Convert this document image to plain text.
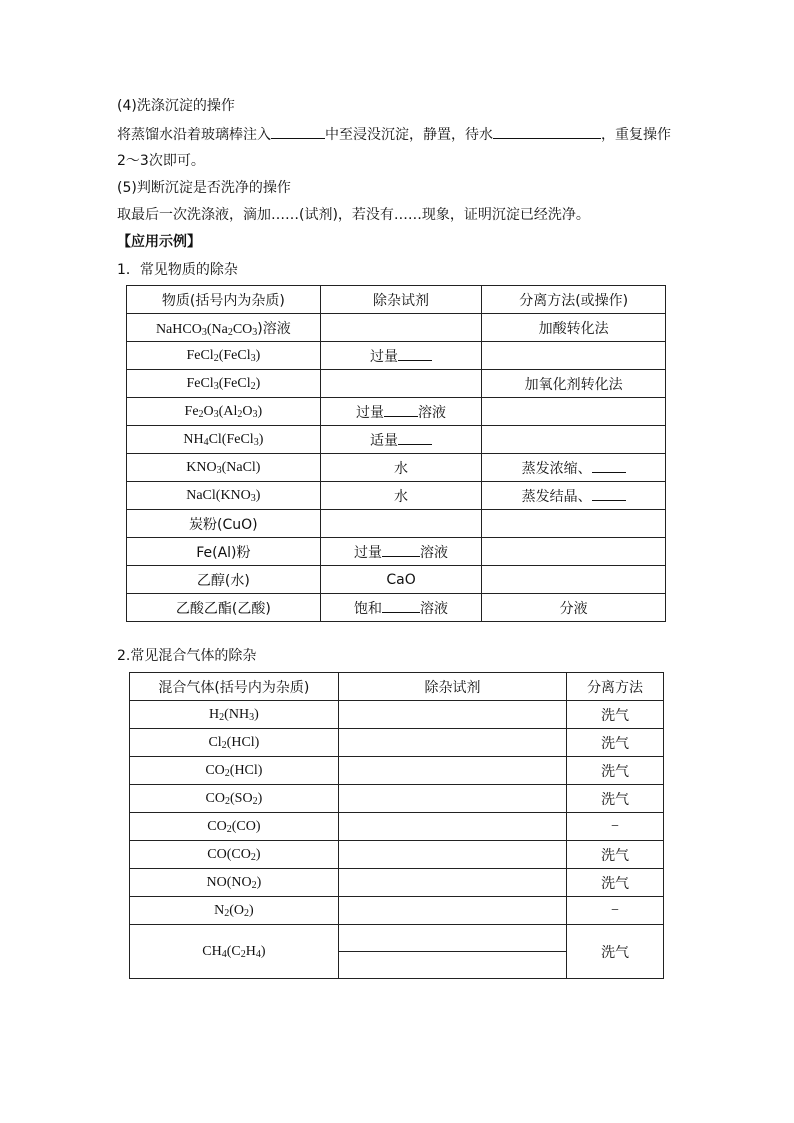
(4)洗涤沉淀的操作
将蒸馏水沿着玻璃棒注入	中至浸没沉淀，静置，待水	，重复操作
2～3次即可。
(5)判断沉淀是否洗净的操作
取最后一次洗涤液，滴加……(试剂)，若没有……现象，证明沉淀已经洗净。
【应用示例】
1．常见物质的除杂
物质(括号内为杂质)	除杂试剂	分离方法(或操作)
$NaHCO_3(Na_2CO_3)$溶液		加酸转化法
FeCl$_2$(FeCl$_3$)	过量	
FeCl$_3$(FeCl$_2$)		加氧化剂转化法
$Fe_2O_3(Al_2O_3)$	过量 溶液	
$NH_4Cl(FeCl_3)$	适量	
$KNO_3(NaCl)$	水	蒸发浓缩、
$NaCl(KNO_3)$	水	蒸发结晶、
炭粉(CuO)		
Fe(Al)粉	过量 溶液	
乙醇(水)	CaO	
乙酸乙酯(乙酸)	饱和 溶液	分液
2.常见混合气体的除杂
混合气体(括号内为杂质)	除杂试剂	分离方法
$H_2(NH_3)$		洗气
$Cl_2(HCl)$		洗气
$CO_2(HCl)$		洗气
$CO_2(SO_2)$		洗气
$CO_2(CO)$		−
$CO(CO_2)$		洗气
$NO(NO_2)$		洗气
$N_2(O_2)$		−
$CH_4(C_2H_4)$		洗气
